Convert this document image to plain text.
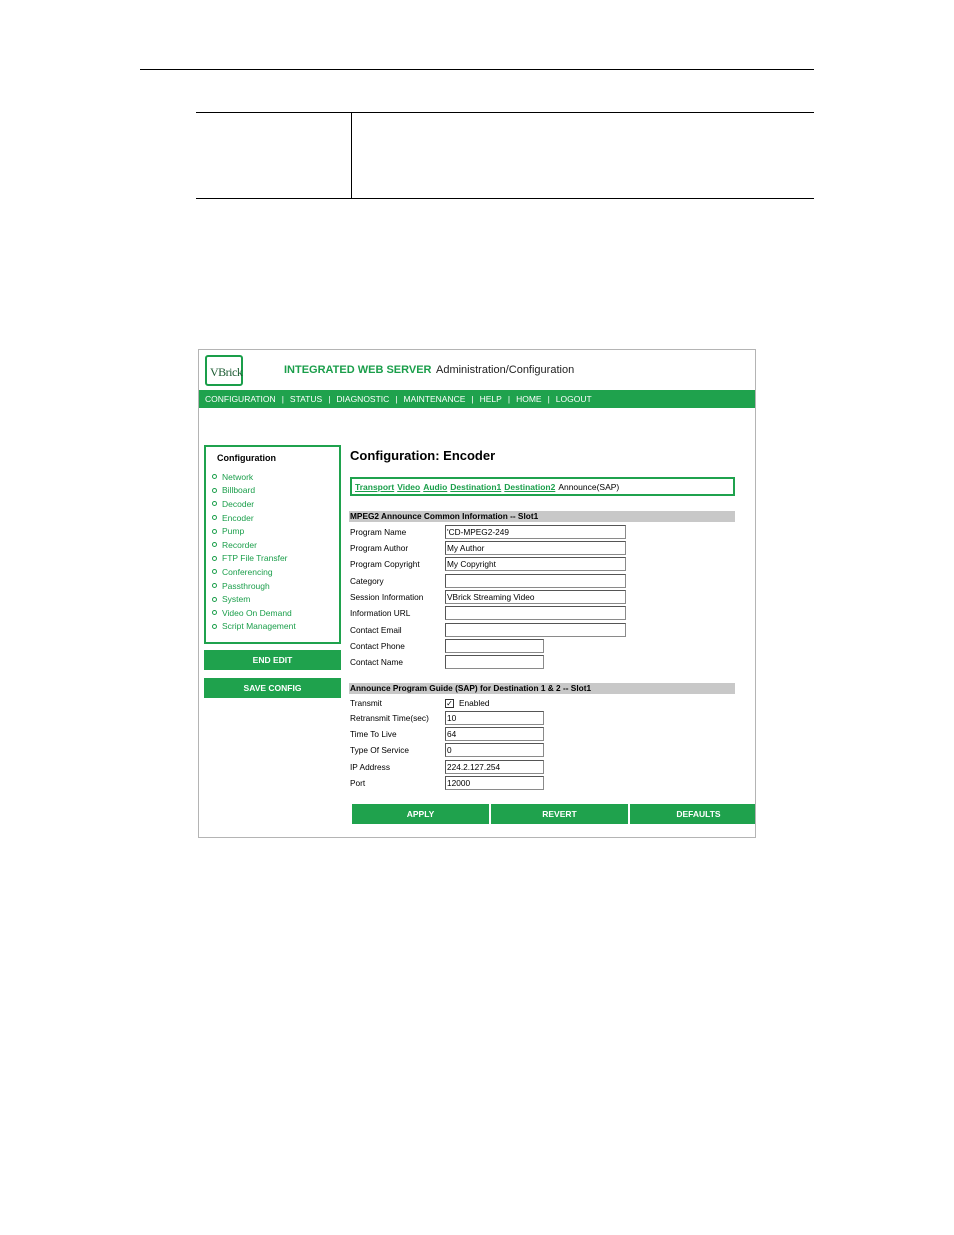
VBrick	INTEGRATED WEB SERVER Administration/Configuration
CONFIGURATION | STATUS | DIAGNOSTIC | MAINTENANCE | HELP | HOME | LOGOUT
Configuration
Network
Billboard
Decoder
Encoder
Pump
Recorder
FTP File Transfer
Conferencing
Passthrough
System
Video On Demand
Script Management
END EDIT
SAVE CONFIG
Configuration: Encoder
Transport Video Audio Destination1 Destination2 Announce(SAP)
MPEG2 Announce Common Information -- Slot1
Program Name	'CD-MPEG2-249
Program Author	My Author
Program Copyright	My Copyright
Category
Session Information	VBrick Streaming Video
Information URL
Contact Email
Contact Phone
Contact Name
Announce Program Guide (SAP) for Destination 1 & 2 -- Slot1
Transmit	✓ Enabled
Retransmit Time(sec)	10
Time To Live	64
Type Of Service	0
IP Address	224.2.127.254
Port	12000
APPLY	REVERT	DEFAULTS
